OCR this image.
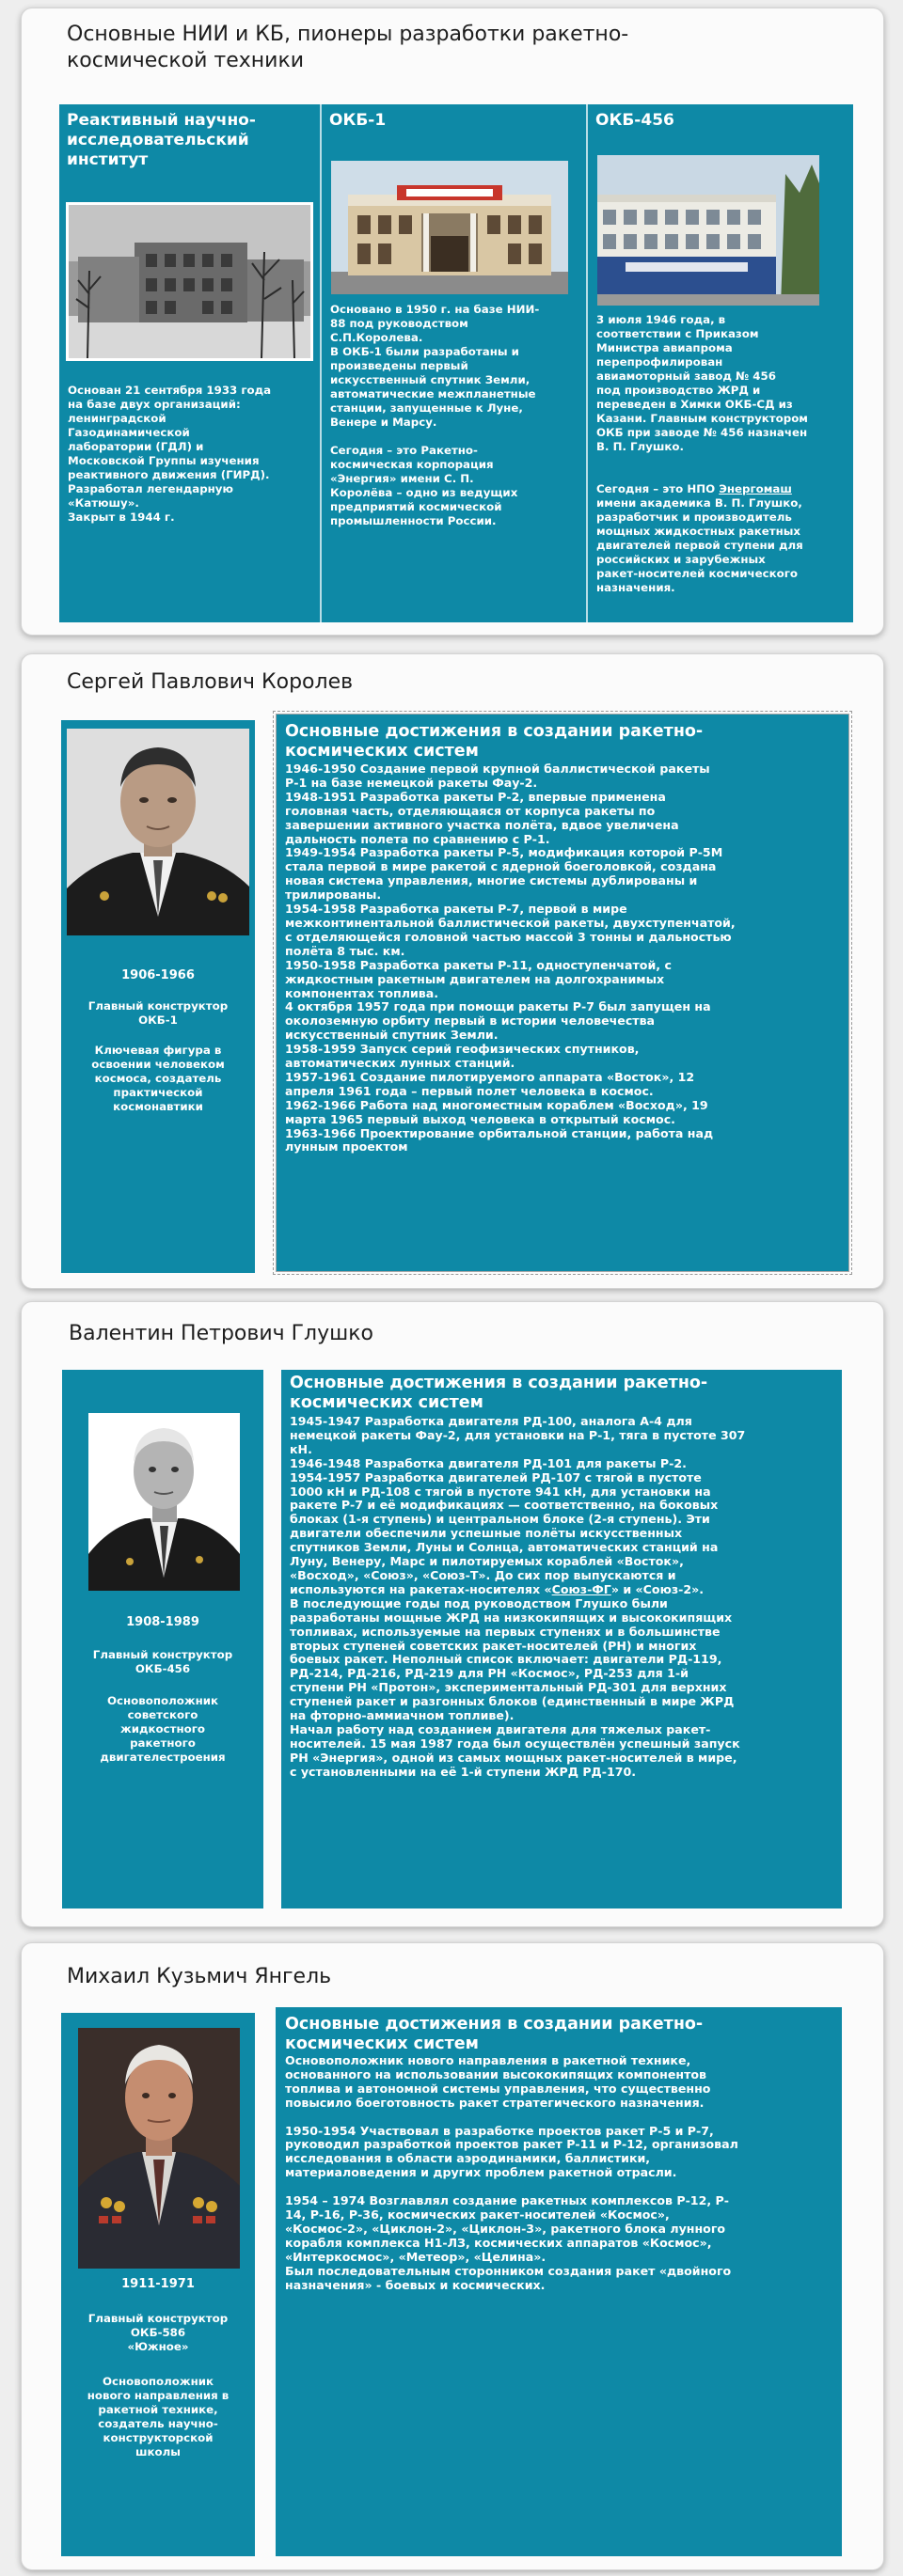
Основные НИИ и КБ, пионеры разработки ракетно-
космической техники

Реактивный научно-
исследовательский
институт

Основан 21 сентября 1933 года
на базе двух организаций:
ленинградской
Газодинамической
лаборатории (ГДЛ) и
Московской Группы изучения
реактивного движения (ГИРД).
Разработал легендарную
«Катюшу».
Закрыт в 1944 г.

ОКБ-1

Основано в 1950 г. на базе НИИ-
88 под руководством
С.П.Королева.
В ОКБ-1 были разработаны и
произведены первый
искусственный спутник Земли,
автоматические межпланетные
станции, запущенные к Луне,
Венере и Марсу.

Сегодня – это Ракетно-
космическая корпорация
«Энергия» имени С. П.
Королёва – одно из ведущих
предприятий космической
промышленности России.

ОКБ-456

3 июля 1946 года, в
соответствии с Приказом
Министра авиапрома
перепрофилирован
авиамоторный завод № 456
под производство ЖРД и
переведен в Химки ОКБ-СД из
Казани. Главным конструктором
ОКБ при заводе № 456 назначен
В. П. Глушко.

Сегодня – это НПО Энергомаш

имени академика В. П. Глушко,
разработчик и производитель
мощных жидкостных ракетных
двигателей первой ступени для
российских и зарубежных
ракет-носителей космического
назначения.

Сергей Павлович Королев

1906-1966

Главный конструктор
ОКБ-1

Ключевая фигура в
освоении человеком
космоса, создатель
практической
космонавтики

Основные достижения в создании ракетно-
космических систем

1946-1950 Создание первой крупной баллистической ракеты
Р-1 на базе немецкой ракеты Фау-2.
1948-1951 Разработка ракеты Р-2, впервые применена
головная часть, отделяющаяся от корпуса ракеты по
завершении активного участка полёта, вдвое увеличена
дальность полета по сравнению с Р-1.
1949-1954 Разработка ракеты Р-5, модификация которой Р-5М
стала первой в мире ракетой с ядерной боеголовкой, создана
новая система управления, многие системы дублированы и
трилированы.
1954-1958 Разработка ракеты Р-7, первой в мире
межконтинентальной баллистической ракеты, двухступенчатой,
с отделяющейся головной частью массой 3 тонны и дальностью
полёта 8 тыс. км.
1950-1958 Разработка ракеты Р-11, одноступенчатой, с
жидкостным ракетным двигателем на долгохранимых
компонентах топлива.
4 октября 1957 года при помощи ракеты Р-7 был запущен на
околоземную орбиту первый в истории человечества
искусственный спутник Земли.
1958-1959 Запуск серий геофизических спутников,
автоматических лунных станций.
1957-1961 Создание пилотируемого аппарата «Восток», 12
апреля 1961 года – первый полет человека в космос.
1962-1966 Работа над многоместным кораблем «Восход», 19
марта 1965 первый выход человека в открытый космос.
1963-1966 Проектирование орбитальной станции, работа над
лунным проектом

Валентин Петрович Глушко

1908-1989

Главный конструктор
ОКБ-456

Основоположник
советского
жидкостного
ракетного
двигателестроения

Основные достижения в создании ракетно-
космических систем

1945-1947 Разработка двигателя РД-100, аналога А-4 для
немецкой ракеты Фау-2, для установки на Р-1, тяга в пустоте 307
кН.
1946-1948 Разработка двигателя РД-101 для ракеты Р-2.
1954-1957 Разработка двигателей РД-107 с тягой в пустоте
1000 кН и РД-108 с тягой в пустоте 941 кН, для установки на
ракете Р-7 и её модификациях — соответственно, на боковых
блоках (1-я ступень) и центральном блоке (2-я ступень). Эти
двигатели обеспечили успешные полёты искусственных
спутников Земли, Луны и Солнца, автоматических станций на
Луну, Венеру, Марс и пилотируемых кораблей «Восток»,
«Восход», «Союз», «Союз-Т». До сих пор выпускаются и
используются на ракетах-носителях «Союз-ФГ» и «Союз-2».
В последующие годы под руководством Глушко были
разработаны мощные ЖРД на низкокипящих и высококипящих
топливах, используемые на первых ступенях и в большинстве
вторых ступеней советских ракет-носителей (РН) и многих
боевых ракет. Неполный список включает: двигатели РД-119,
РД-214, РД-216, РД-219 для РН «Космос», РД-253 для 1-й
ступени РН «Протон», экспериментальный РД-301 для верхних
ступеней ракет и разгонных блоков (единственный в мире ЖРД
на фторно-аммиачном топливе).
Начал работу над созданием двигателя для тяжелых ракет-
носителей. 15 мая 1987 года был осуществлён успешный запуск
РН «Энергия», одной из самых мощных ракет-носителей в мире,
с установленными на её 1-й ступени ЖРД РД-170.

Михаил Кузьмич Янгель

1911-1971

Главный конструктор
ОКБ-586
«Южное»

Основоположник
нового направления в
ракетной технике,
создатель научно-
конструкторской
школы

Основные достижения в создании ракетно-
космических систем

Основоположник нового направления в ракетной технике,
основанного на использовании высококипящих компонентов
топлива и автономной системы управления, что существенно
повысило боеготовность ракет стратегического назначения.

1950-1954 Участвовал в разработке проектов ракет Р-5 и Р-7,
руководил разработкой проектов ракет Р-11 и Р-12, организовал
исследования в области аэродинамики, баллистики,
материаловедения и других проблем ракетной отрасли.

1954 – 1974 Возглавлял создание ракетных комплексов Р-12, Р-
14, Р-16, Р-36, космических ракет-носителей «Космос»,
«Космос-2», «Циклон-2», «Циклон-3», ракетного блока лунного
корабля комплекса Н1-ЛЗ, космических аппаратов «Космос»,
«Интеркосмос», «Метеор», «Целина».
Был последовательным сторонником создания ракет «двойного
назначения» - боевых и космических.
